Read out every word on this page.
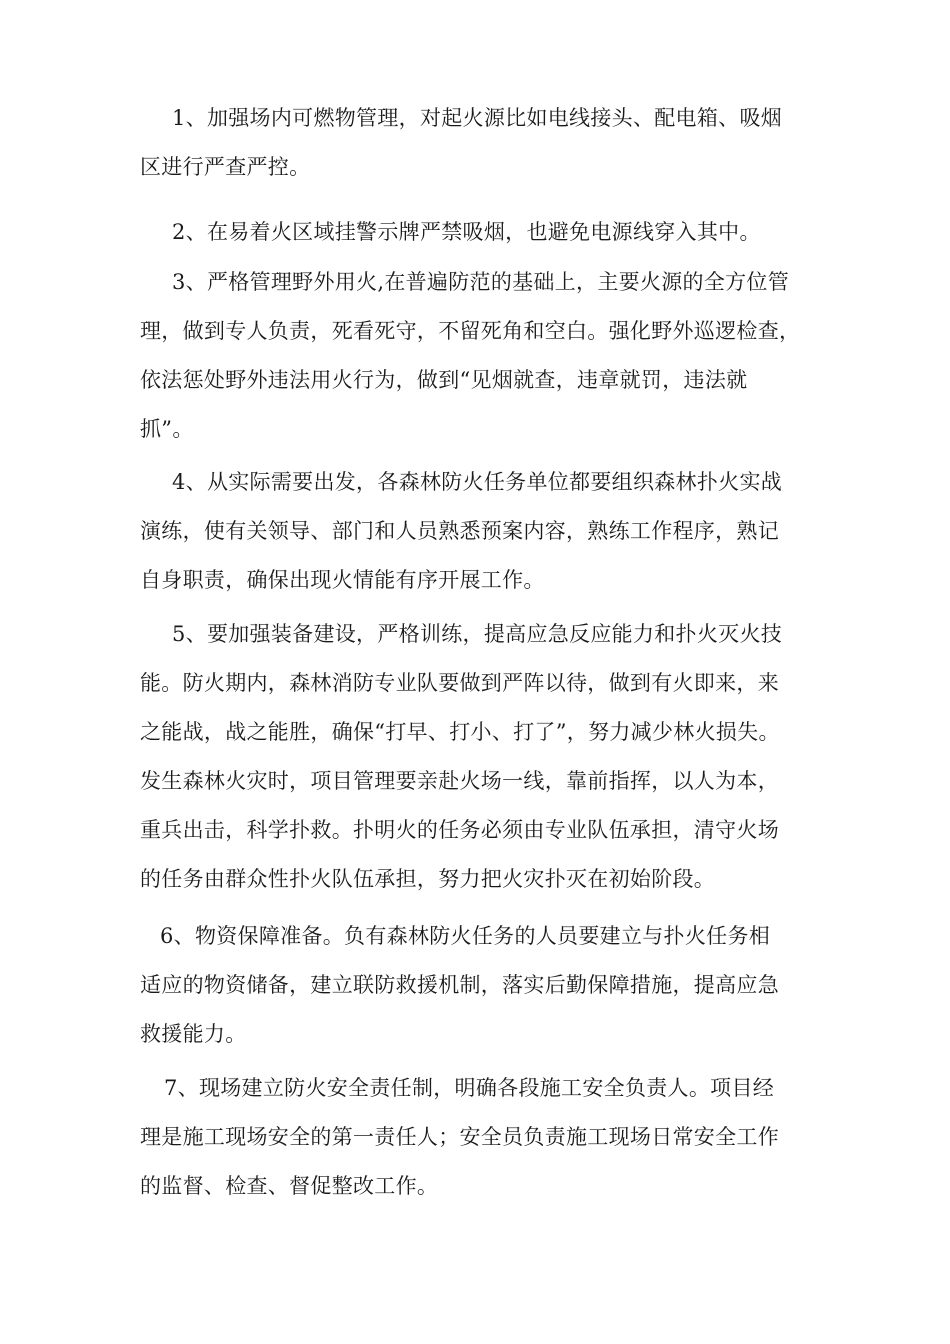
1、加强场内可燃物管理，对起火源比如电线接头、配电箱、吸烟
区进行严查严控。

2、在易着火区域挂警示牌严禁吸烟，也避免电源线穿入其中。

3、严格管理野外用火,在普遍防范的基础上，主要火源的全方位管
理，做到专人负责，死看死守，不留死角和空白。强化野外巡逻检查，
依法惩处野外违法用火行为，做到“见烟就查，违章就罚，违法就
抓”。

4、从实际需要出发，各森林防火任务单位都要组织森林扑火实战
演练，使有关领导、部门和人员熟悉预案内容，熟练工作程序，熟记
自身职责，确保出现火情能有序开展工作。

5、要加强装备建设，严格训练，提高应急反应能力和扑火灭火技
能。防火期内，森林消防专业队要做到严阵以待，做到有火即来，来
之能战，战之能胜，确保“打早、打小、打了”，努力减少林火损失。
发生森林火灾时，项目管理要亲赴火场一线，靠前指挥，以人为本，
重兵出击，科学扑救。扑明火的任务必须由专业队伍承担，清守火场
的任务由群众性扑火队伍承担，努力把火灾扑灭在初始阶段。

6、物资保障准备。负有森林防火任务的人员要建立与扑火任务相
适应的物资储备，建立联防救援机制，落实后勤保障措施，提高应急
救援能力。

7、现场建立防火安全责任制，明确各段施工安全负责人。项目经
理是施工现场安全的第一责任人；安全员负责施工现场日常安全工作
的监督、检查、督促整改工作。
